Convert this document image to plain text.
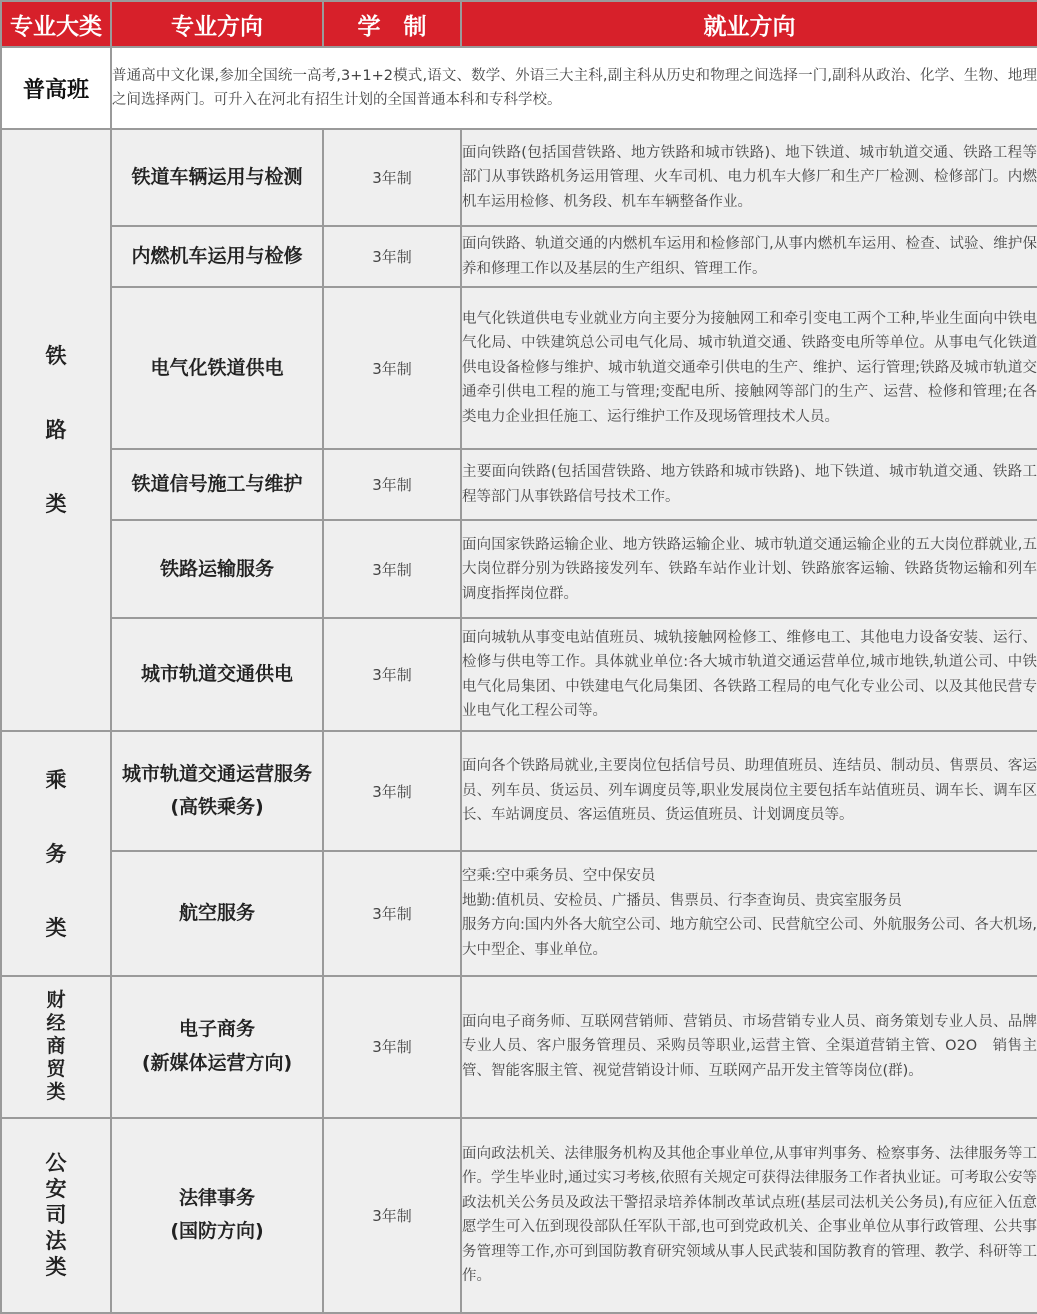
专业大类	专业方向	学　制	就业方向
普高班	普通高中文化课,参加全国统一高考,3+1+2模式,语文、数学、外语三大主科,副主科从历史和物理之间选择一门,副科从政治、化学、生物、地理之间选择两门。可升入在河北有招生计划的全国普通本科和专科学校。		
铁路类	铁道车辆运用与检测	3年制	面向铁路(包括国营铁路、地方铁路和城市铁路)、地下铁道、城市轨道交通、铁路工程等部门从事铁路机务运用管理、火车司机、电力机车大修厂和生产厂检测、检修部门。内燃机车运用检修、机务段、机车车辆整备作业。
	内燃机车运用与检修	3年制	面向铁路、轨道交通的内燃机车运用和检修部门,从事内燃机车运用、检查、试验、维护保养和修理工作以及基层的生产组织、管理工作。
	电气化铁道供电	3年制	电气化铁道供电专业就业方向主要分为接触网工和牵引变电工两个工种,毕业生面向中铁电气化局、中铁建筑总公司电气化局、城市轨道交通、铁路变电所等单位。从事电气化铁道供电设备检修与维护、城市轨道交通牵引供电的生产、维护、运行管理;铁路及城市轨道交通牵引供电工程的施工与管理;变配电所、接触网等部门的生产、运营、检修和管理;在各类电力企业担任施工、运行维护工作及现场管理技术人员。
	铁道信号施工与维护	3年制	主要面向铁路(包括国营铁路、地方铁路和城市铁路)、地下铁道、城市轨道交通、铁路工程等部门从事铁路信号技术工作。
	铁路运输服务	3年制	面向国家铁路运输企业、地方铁路运输企业、城市轨道交通运输企业的五大岗位群就业,五大岗位群分别为铁路接发列车、铁路车站作业计划、铁路旅客运输、铁路货物运输和列车调度指挥岗位群。
	城市轨道交通供电	3年制	面向城轨从事变电站值班员、城轨接触网检修工、维修电工、其他电力设备安装、运行、检修与供电等工作。具体就业单位:各大城市轨道交通运营单位,城市地铁,轨道公司、中铁电气化局集团、中铁建电气化局集团、各铁路工程局的电气化专业公司、以及其他民营专业电气化工程公司等。
乘务类	城市轨道交通运营服务
(高铁乘务)	3年制	面向各个铁路局就业,主要岗位包括信号员、助理值班员、连结员、制动员、售票员、客运员、列车员、货运员、列车调度员等,职业发展岗位主要包括车站值班员、调车长、调车区长、车站调度员、客运值班员、货运值班员、计划调度员等。
	航空服务	3年制	空乘:空中乘务员、空中保安员
地勤:值机员、安检员、广播员、售票员、行李查询员、贵宾室服务员
服务方向:国内外各大航空公司、地方航空公司、民营航空公司、外航服务公司、各大机场,大中型企、事业单位。

财经商贸类	电子商务
(新媒体运营方向)	3年制	面向电子商务师、互联网营销师、营销员、市场营销专业人员、商务策划专业人员、品牌专业人员、客户服务管理员、采购员等职业,运营主管、全渠道营销主管、O2O　销售主管、智能客服主管、视觉营销设计师、互联网产品开发主管等岗位(群)。
公安司法类	法律事务
(国防方向)	3年制	面向政法机关、法律服务机构及其他企事业单位,从事审判事务、检察事务、法律服务等工作。学生毕业时,通过实习考核,依照有关规定可获得法律服务工作者执业证。可考取公安等政法机关公务员及政法干警招录培养体制改革试点班(基层司法机关公务员),有应征入伍意愿学生可入伍到现役部队任军队干部,也可到党政机关、企事业单位从事行政管理、公共事务管理等工作,亦可到国防教育研究领域从事人民武装和国防教育的管理、教学、科研等工作。
